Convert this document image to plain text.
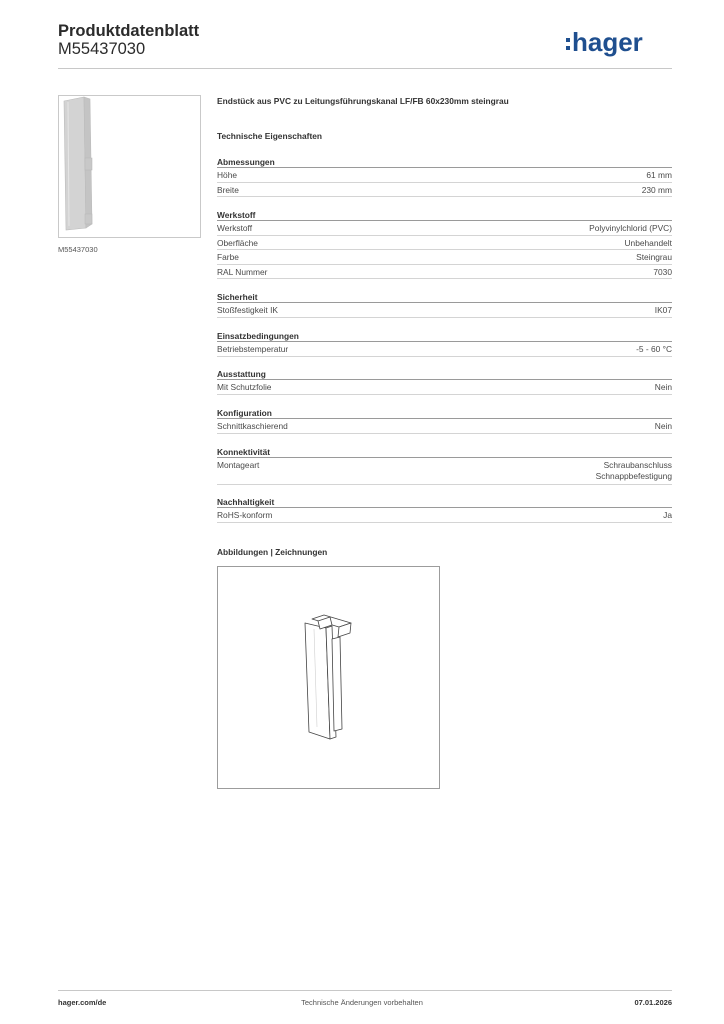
Produktdatenblatt
M55437030	hager
M55437030
Endstück aus PVC zu Leitungsführungskanal LF/FB 60x230mm steingrau
Technische Eigenschaften
Abmessungen
Höhe	61 mm
Breite	230 mm
Werkstoff
Werkstoff	Polyvinylchlorid (PVC)
Oberfläche	Unbehandelt
Farbe	Steingrau
RAL Nummer	7030
Sicherheit
Stoßfestigkeit IK	IK07
Einsatzbedingungen
Betriebstemperatur	-5 - 60 °C
Ausstattung
Mit Schutzfolie	Nein
Konfiguration
Schnittkaschierend	Nein
Konnektivität
Montageart	Schraubanschluss
Schnappbefestigung
Nachhaltigkeit
RoHS-konform	Ja
Abbildungen | Zeichnungen
hager.com/de	Technische Änderungen vorbehalten	07.01.2026
